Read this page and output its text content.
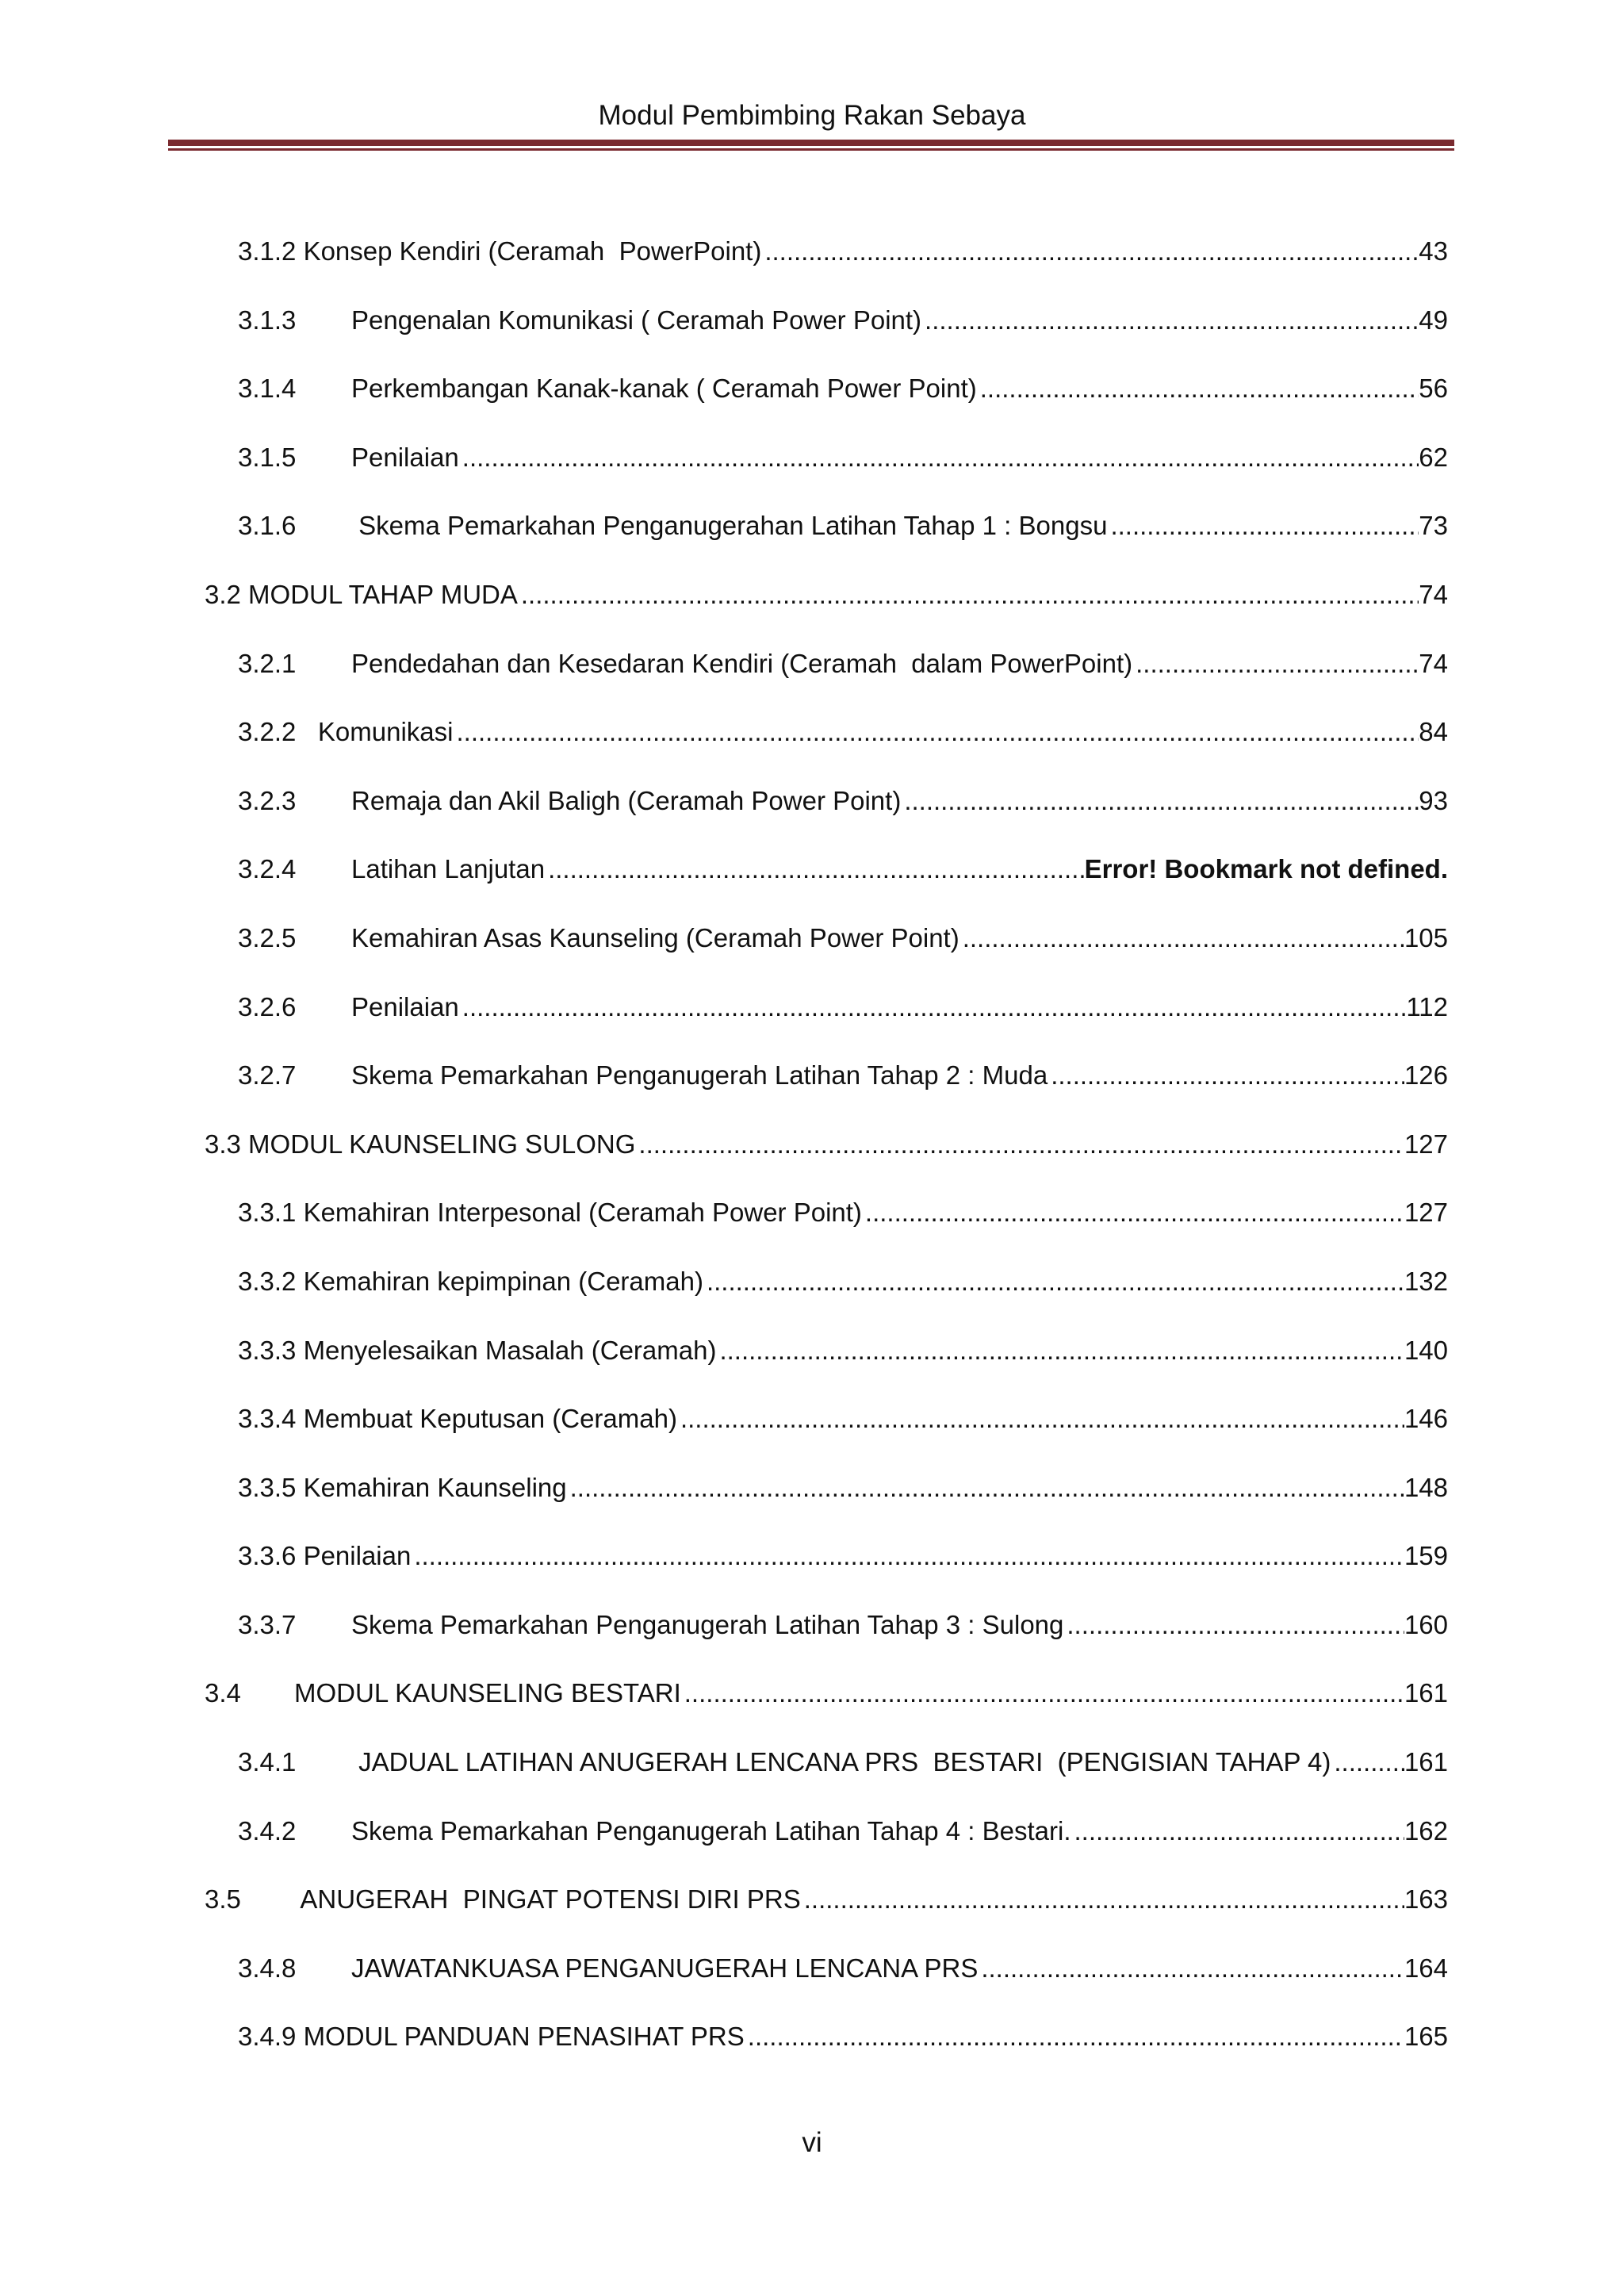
Modul Pembimbing Rakan Sebaya
3.1.2 Konsep Kendiri (Ceramah  PowerPoint) .....	43
3.1.3	Pengenalan Komunikasi ( Ceramah Power Point) .....	49
3.1.4	Perkembangan Kanak-kanak ( Ceramah Power Point) .....	56
3.1.5	Penilaian .....	62
3.1.6	Skema Pemarkahan Penganugerahan Latihan Tahap 1 : Bongsu .....	73
3.2 MODUL TAHAP MUDA .....	74
3.2.1	Pendedahan dan Kesedaran Kendiri (Ceramah  dalam PowerPoint) .....	74
3.2.2   Komunikasi .....	84
3.2.3	Remaja dan Akil Baligh (Ceramah Power Point) .....	93
3.2.4	Latihan Lanjutan .....	Error! Bookmark not defined.
3.2.5	Kemahiran Asas Kaunseling (Ceramah Power Point) .....	105
3.2.6	Penilaian .....	112
3.2.7	Skema Pemarkahan Penganugerah Latihan Tahap 2 : Muda .....	126
3.3 MODUL KAUNSELING SULONG .....	127
3.3.1 Kemahiran Interpesonal (Ceramah Power Point) .....	127
3.3.2 Kemahiran kepimpinan (Ceramah) .....	132
3.3.3 Menyelesaikan Masalah (Ceramah) .....	140
3.3.4 Membuat Keputusan (Ceramah) .....	146
3.3.5 Kemahiran Kaunseling .....	148
3.3.6 Penilaian .....	159
3.3.7	Skema Pemarkahan Penganugerah Latihan Tahap 3 : Sulong .....	160
3.4	MODUL KAUNSELING BESTARI .....	161
3.4.1	JADUAL LATIHAN ANUGERAH LENCANA PRS  BESTARI  (PENGISIAN TAHAP 4) .....	161
3.4.2	Skema Pemarkahan Penganugerah Latihan Tahap 4 : Bestari. .....	162
3.5	ANUGERAH  PINGAT POTENSI DIRI PRS .....	163
3.4.8	JAWATANKUASA PENGANUGERAH LENCANA PRS .....	164
3.4.9 MODUL PANDUAN PENASIHAT PRS .....	165
vi
